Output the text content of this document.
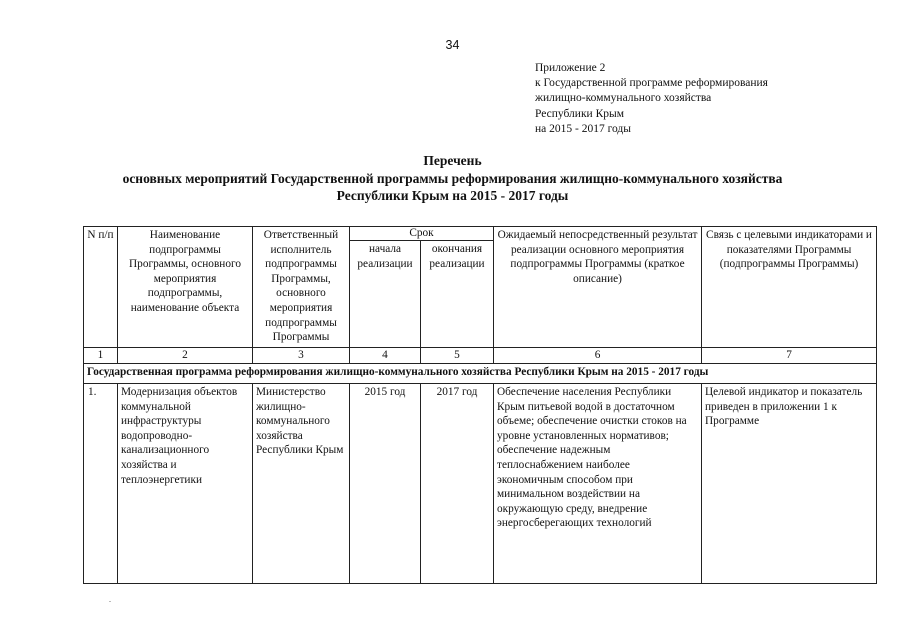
34
Приложение 2
к Государственной программе реформирования
жилищно-коммунального хозяйства
Республики Крым
на 2015 - 2017 годы
Перечень
основных мероприятий Государственной программы реформирования жилищно-коммунального хозяйства
Республики Крым на 2015 - 2017 годы
N п/п	Наименование подпрограммы Программы, основного мероприятия подпрограммы, наименование объекта	Ответственный исполнитель подпрограммы Программы, основного мероприятия подпрограммы Программы	Срок		Ожидаемый непосредственный результат реализации основного мероприятия подпрограммы Программы (краткое описание)	Связь с целевыми индикаторами и показателями Программы (подпрограммы Программы)
			начала реализации	окончания реализации		
1	2	3	4	5	6	7
Государственная программа реформирования жилищно-коммунального хозяйства Республики Крым на 2015 - 2017 годы						
1.	Модернизация объектов коммунальной инфраструктуры водопроводно-канализационного хозяйства и теплоэнергетики	Министерство жилищно-коммунального хозяйства Республики Крым	2015 год	2017 год	Обеспечение населения Республики Крым питьевой водой в достаточном объеме; обеспечение очистки стоков на уровне установленных нормативов; обеспечение надежным теплоснабжением наиболее экономичным способом при минимальном воздействии на окружающую среду, внедрение энергосберегающих технологий	Целевой индикатор и показатель приведен в приложении 1 к Программе
